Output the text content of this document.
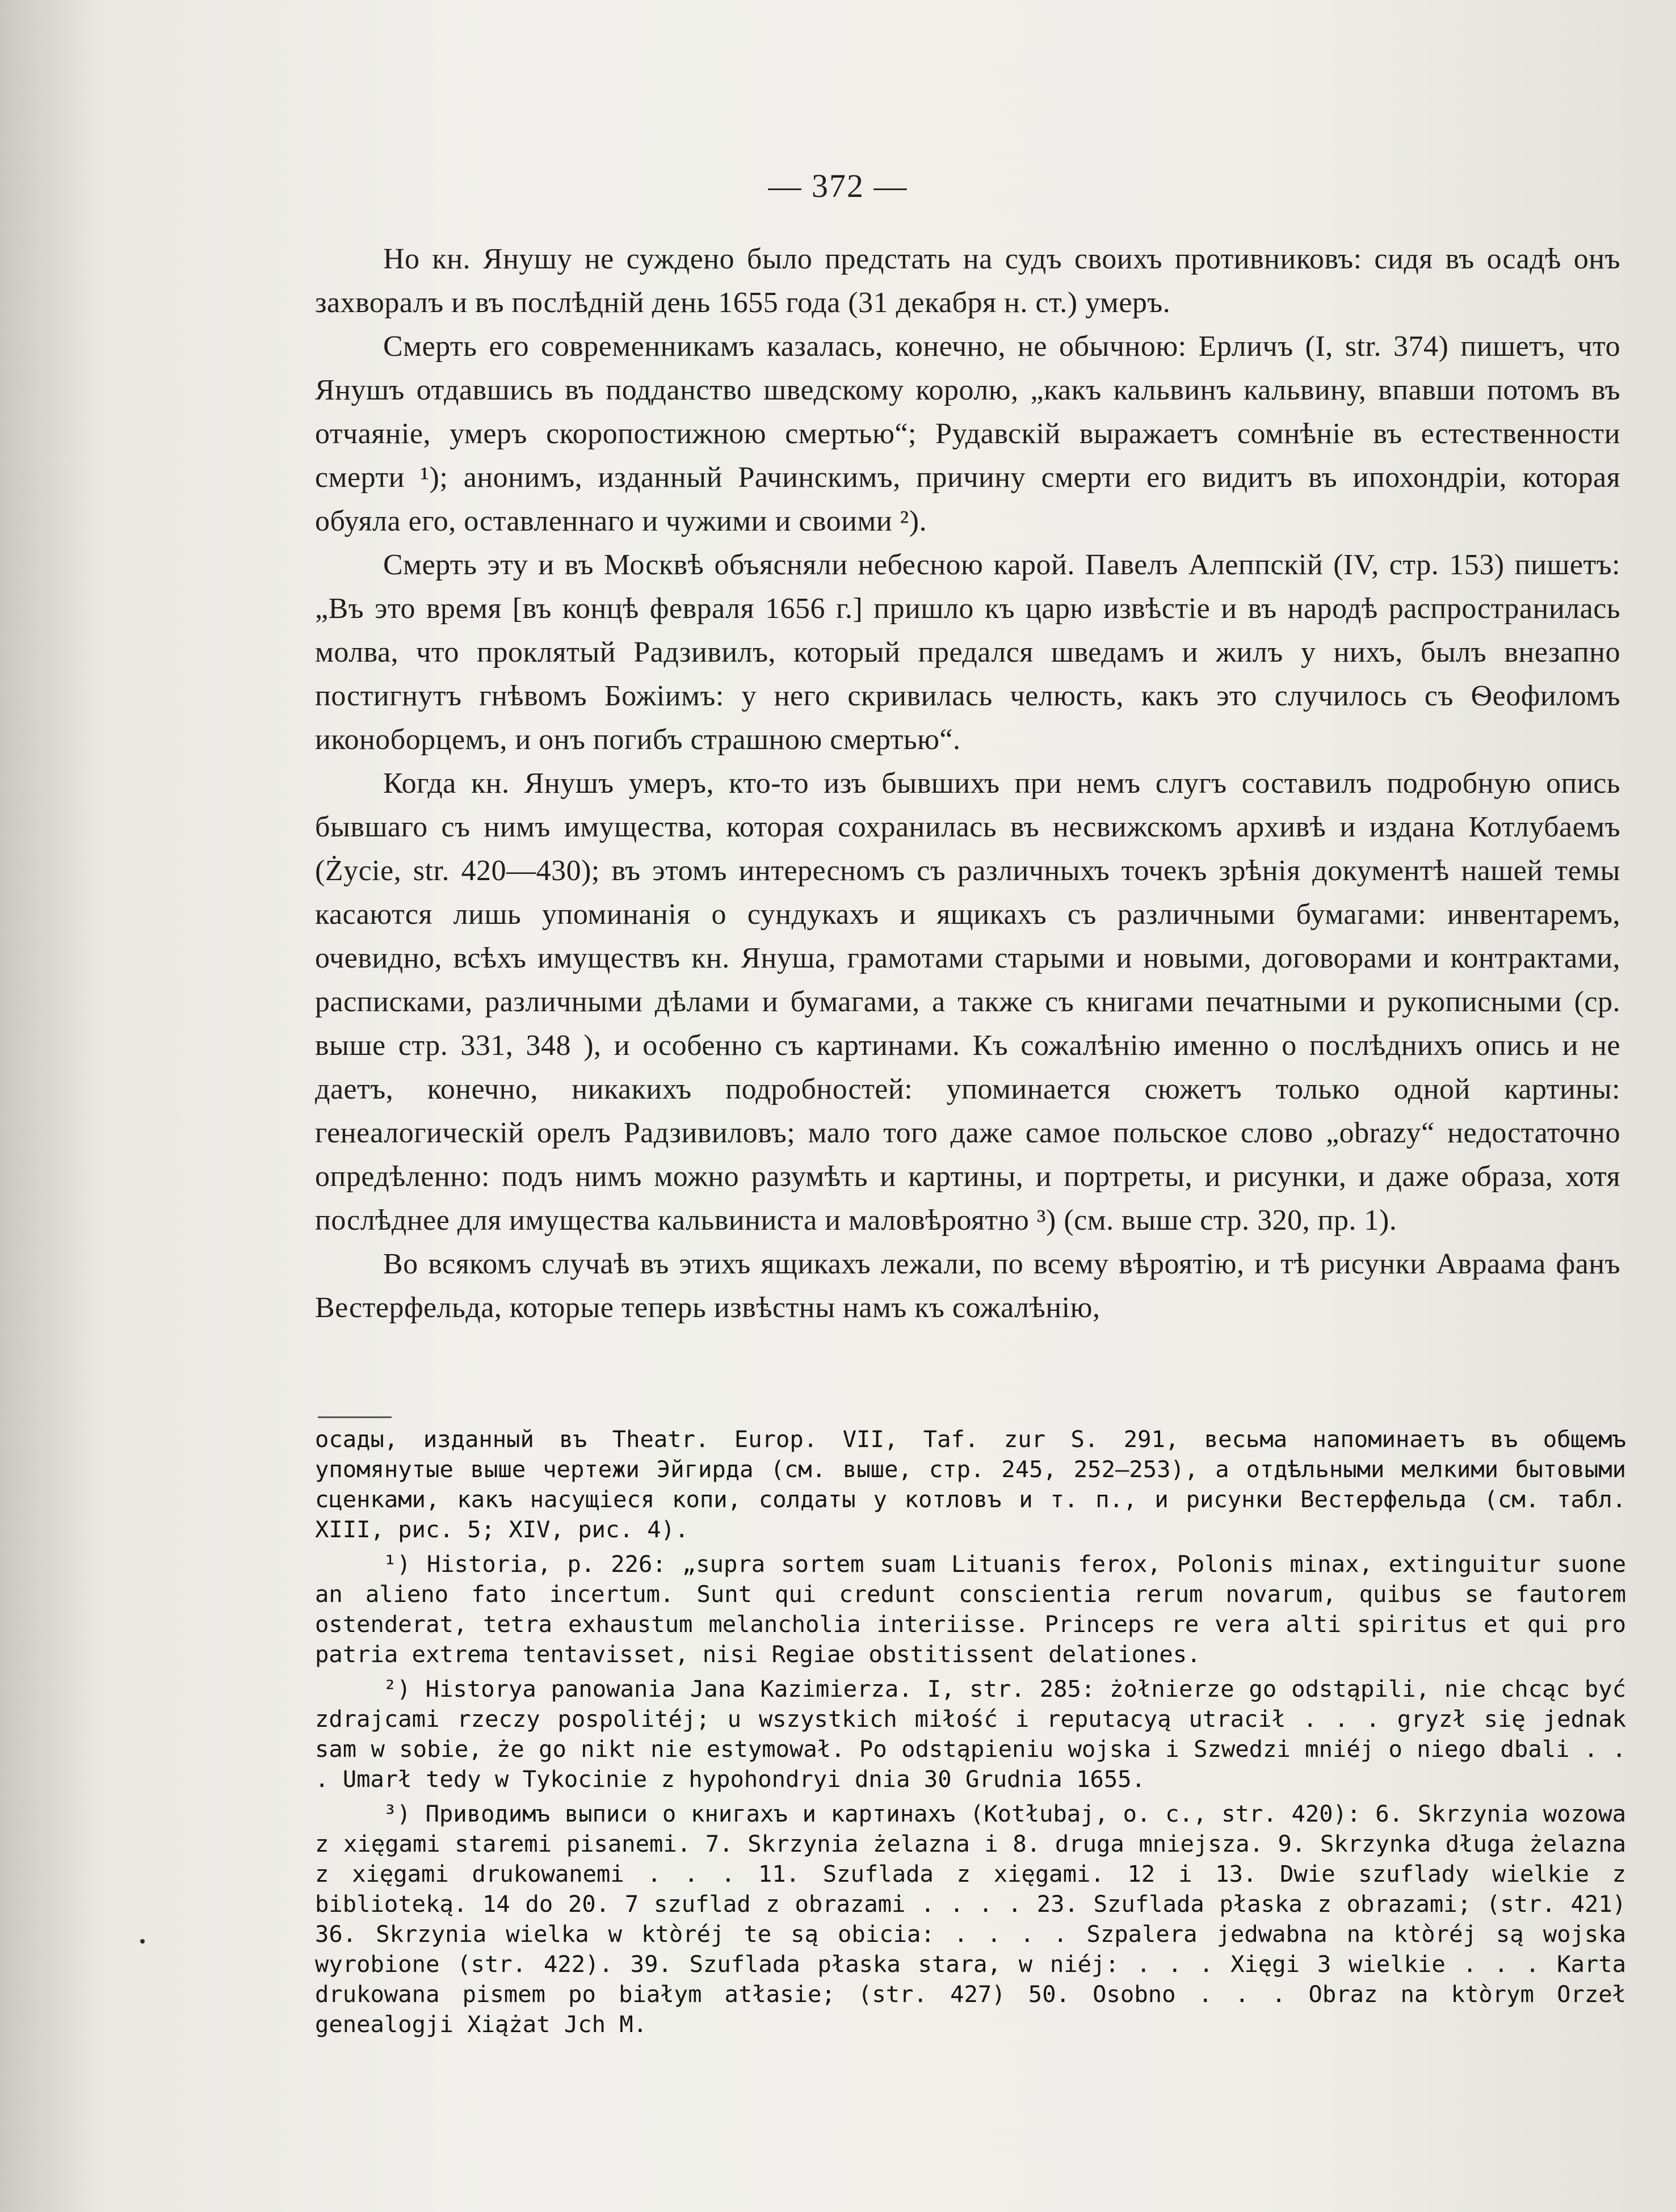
— 372 —

Но кн. Янушу не суждено было предстать на судъ своихъ противниковъ: сидя въ осадѣ онъ захворалъ и въ послѣдній день 1655 года (31 декабря н. ст.) умеръ.

Смерть его современникамъ казалась, конечно, не обычною: Ерличъ (I, str. 374) пишетъ, что Янушъ отдавшись въ подданство шведскому королю, „какъ кальвинъ кальвину, впавши потомъ въ отчаяніе, умеръ скоропостижною смертью“; Рудавскій выражаетъ сомнѣніе въ естественности смерти ¹); анонимъ, изданный Рачинскимъ, причину смерти его видитъ въ ипохондріи, которая обуяла его, оставленнаго и чужими и своими ²).

Смерть эту и въ Москвѣ объясняли небесною карой. Павелъ Алеппскій (IV, стр. 153) пишетъ: „Въ это время [въ концѣ февраля 1656 г.] пришло къ царю извѣстіе и въ народѣ распространилась молва, что проклятый Радзивилъ, который предался шведамъ и жилъ у нихъ, былъ внезапно постигнутъ гнѣвомъ Божіимъ: у него скривилась челюсть, какъ это случилось съ Ѳеофиломъ иконоборцемъ, и онъ погибъ страшною смертью“.

Когда кн. Янушъ умеръ, кто-то изъ бывшихъ при немъ слугъ составилъ подробную опись бывшаго съ нимъ имущества, которая сохранилась въ несвижскомъ архивѣ и издана Котлубаемъ (Życie, str. 420—430); въ этомъ интересномъ съ различныхъ точекъ зрѣнія документѣ нашей темы касаются лишь упоминанія о сундукахъ и ящикахъ съ различными бумагами: инвентаремъ, очевидно, всѣхъ имуществъ кн. Януша, грамотами старыми и новыми, договорами и контрактами, расписками, различными дѣлами и бумагами, а также съ книгами печатными и рукописными (ср. выше стр. 331, 348 ), и особенно съ картинами. Къ сожалѣнію именно о послѣднихъ опись и не даетъ, конечно, никакихъ подробностей: упоминается сюжетъ только одной картины: генеалогическій орелъ Радзивиловъ; мало того даже самое польское слово „obrazy“ недостаточно опредѣленно: подъ нимъ можно разумѣть и картины, и портреты, и рисунки, и даже образа, хотя послѣднее для имущества кальвиниста и маловѣроятно ³) (см. выше стр. 320, пр. 1).

Во всякомъ случаѣ въ этихъ ящикахъ лежали, по всему вѣроятію, и тѣ рисунки Авраама фанъ Вестерфельда, которые теперь извѣстны намъ къ сожалѣнію,

осады, изданный въ Theatr. Europ. VII, Taf. zur S. 291, весьма напоминаетъ въ общемъ упомянутые выше чертежи Эйгирда (см. выше, стр. 245, 252—253), а отдѣльными мелкими бытовыми сценками, какъ насущіеся копи, солдаты у котловъ и т. п., и рисунки Вестерфельда (см. табл. XIII, рис. 5; XIV, рис. 4).

¹) Historia, p. 226: „supra sortem suam Lituanis ferox, Polonis minax, extinguitur suone an alieno fato incertum. Sunt qui credunt conscientia rerum novarum, quibus se fautorem ostenderat, tetra exhaustum melancholia interiisse. Princeps re vera alti spiritus et qui pro patria extrema tentavisset, nisi Regiae obstitissent delationes.

²) Historya panowania Jana Kazimierza. I, str. 285: żołnierze go odstąpili, nie chcąc być zdrajcami rzeczy pospolitéj; u wszystkich miłość i reputacyą utracił . . . gryzł się jednak sam w sobie, że go nikt nie estymował. Po odstąpieniu wojska i Szwedzi mniéj o niego dbali . . . Umarł tedy w Tykocinie z hypohondryi dnia 30 Grudnia 1655.

³) Приводимъ выписи о книгахъ и картинахъ (Kotłubaj, o. c., str. 420): 6. Skrzynia wozowa z xięgami staremi pisanemi. 7. Skrzynia żelazna i 8. druga mniejsza. 9. Skrzynka długa żelazna z xięgami drukowanemi . . . 11. Szuflada z xięgami. 12 i 13. Dwie szuflady wielkie z biblioteką. 14 do 20. 7 szuflad z obrazami . . . . 23. Szuflada płaska z obrazami; (str. 421) 36. Skrzynia wielka w ktòréj te są obicia: . . . . Szpalera jedwabna na ktòréj są wojska wyrobione (str. 422). 39. Szuflada płaska stara, w niéj: . . . Xięgi 3 wielkie . . . Karta drukowana pismem po białym atłasie; (str. 427) 50. Osobno . . . Obraz na ktòrym Orzeł genealogji Xiążat Jch M.
